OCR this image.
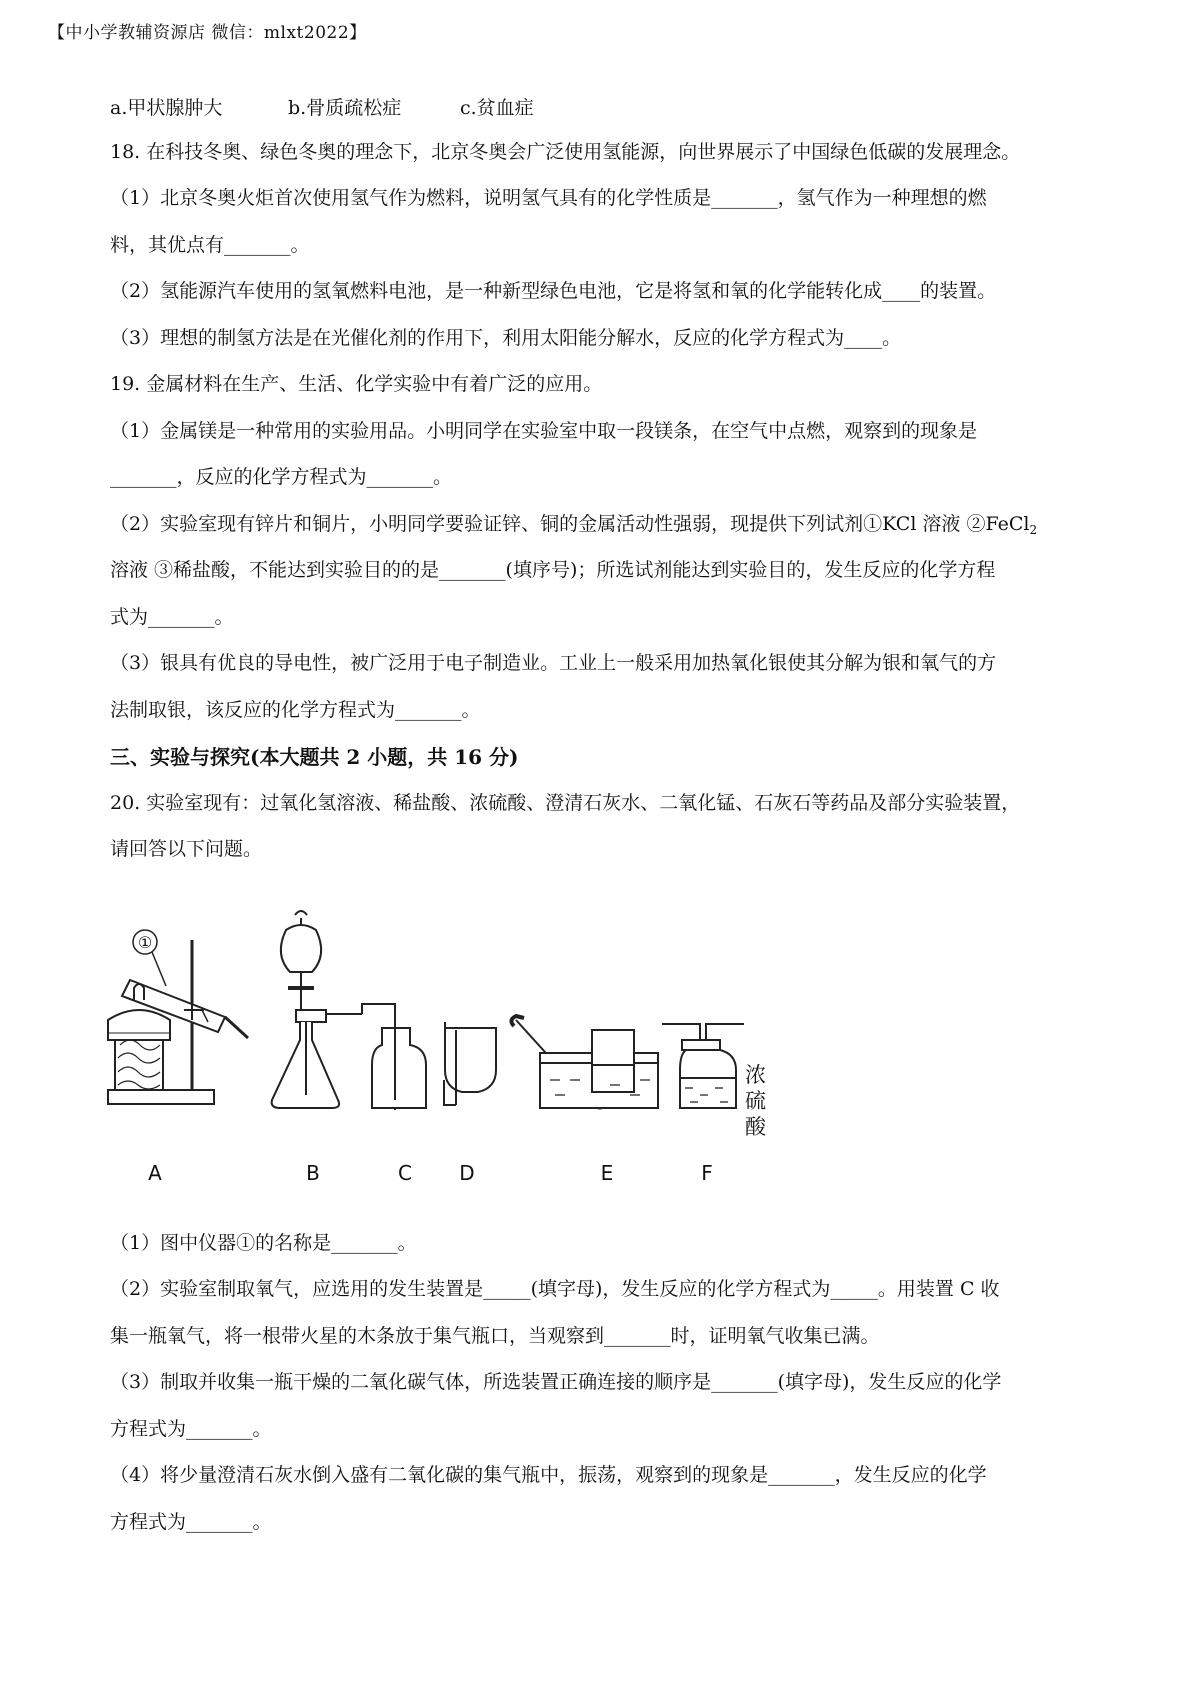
【中小学教辅资源店 微信：mlxt2022】
a.甲状腺肿大	b.骨质疏松症	c.贫血症
18. 在科技冬奥、绿色冬奥的理念下，北京冬奥会广泛使用氢能源，向世界展示了中国绿色低碳的发展理念。
（1）北京冬奥火炬首次使用氢气作为燃料，说明氢气具有的化学性质是_______，氢气作为一种理想的燃
料，其优点有_______。
（2）氢能源汽车使用的氢氧燃料电池，是一种新型绿色电池，它是将氢和氧的化学能转化成____的装置。
（3）理想的制氢方法是在光催化剂的作用下，利用太阳能分解水，反应的化学方程式为____。
19. 金属材料在生产、生活、化学实验中有着广泛的应用。
（1）金属镁是一种常用的实验用品。小明同学在实验室中取一段镁条，在空气中点燃，观察到的现象是
_______，反应的化学方程式为_______。
（2）实验室现有锌片和铜片，小明同学要验证锌、铜的金属活动性强弱，现提供下列试剂①KCl 溶液 ②FeCl$_2$
溶液 ③稀盐酸，不能达到实验目的的是_______(填序号)；所选试剂能达到实验目的，发生反应的化学方程
式为_______。
（3）银具有优良的导电性，被广泛用于电子制造业。工业上一般采用加热氧化银使其分解为银和氧气的方
法制取银，该反应的化学方程式为_______。
三、实验与探究(本大题共 2 小题，共 16 分)
20. 实验室现有：过氧化氢溶液、稀盐酸、浓硫酸、澄清石灰水、二氧化锰、石灰石等药品及部分实验装置，
请回答以下问题。
①
浓
硫
酸
A	B	C D	E	F
（1）图中仪器①的名称是_______。
（2）实验室制取氧气，应选用的发生装置是_____(填字母)，发生反应的化学方程式为_____。用装置 C 收
集一瓶氧气，将一根带火星的木条放于集气瓶口，当观察到_______时，证明氧气收集已满。
（3）制取并收集一瓶干燥的二氧化碳气体，所选装置正确连接的顺序是_______(填字母)，发生反应的化学
方程式为_______。
（4）将少量澄清石灰水倒入盛有二氧化碳的集气瓶中，振荡，观察到的现象是_______，发生反应的化学
方程式为_______。
